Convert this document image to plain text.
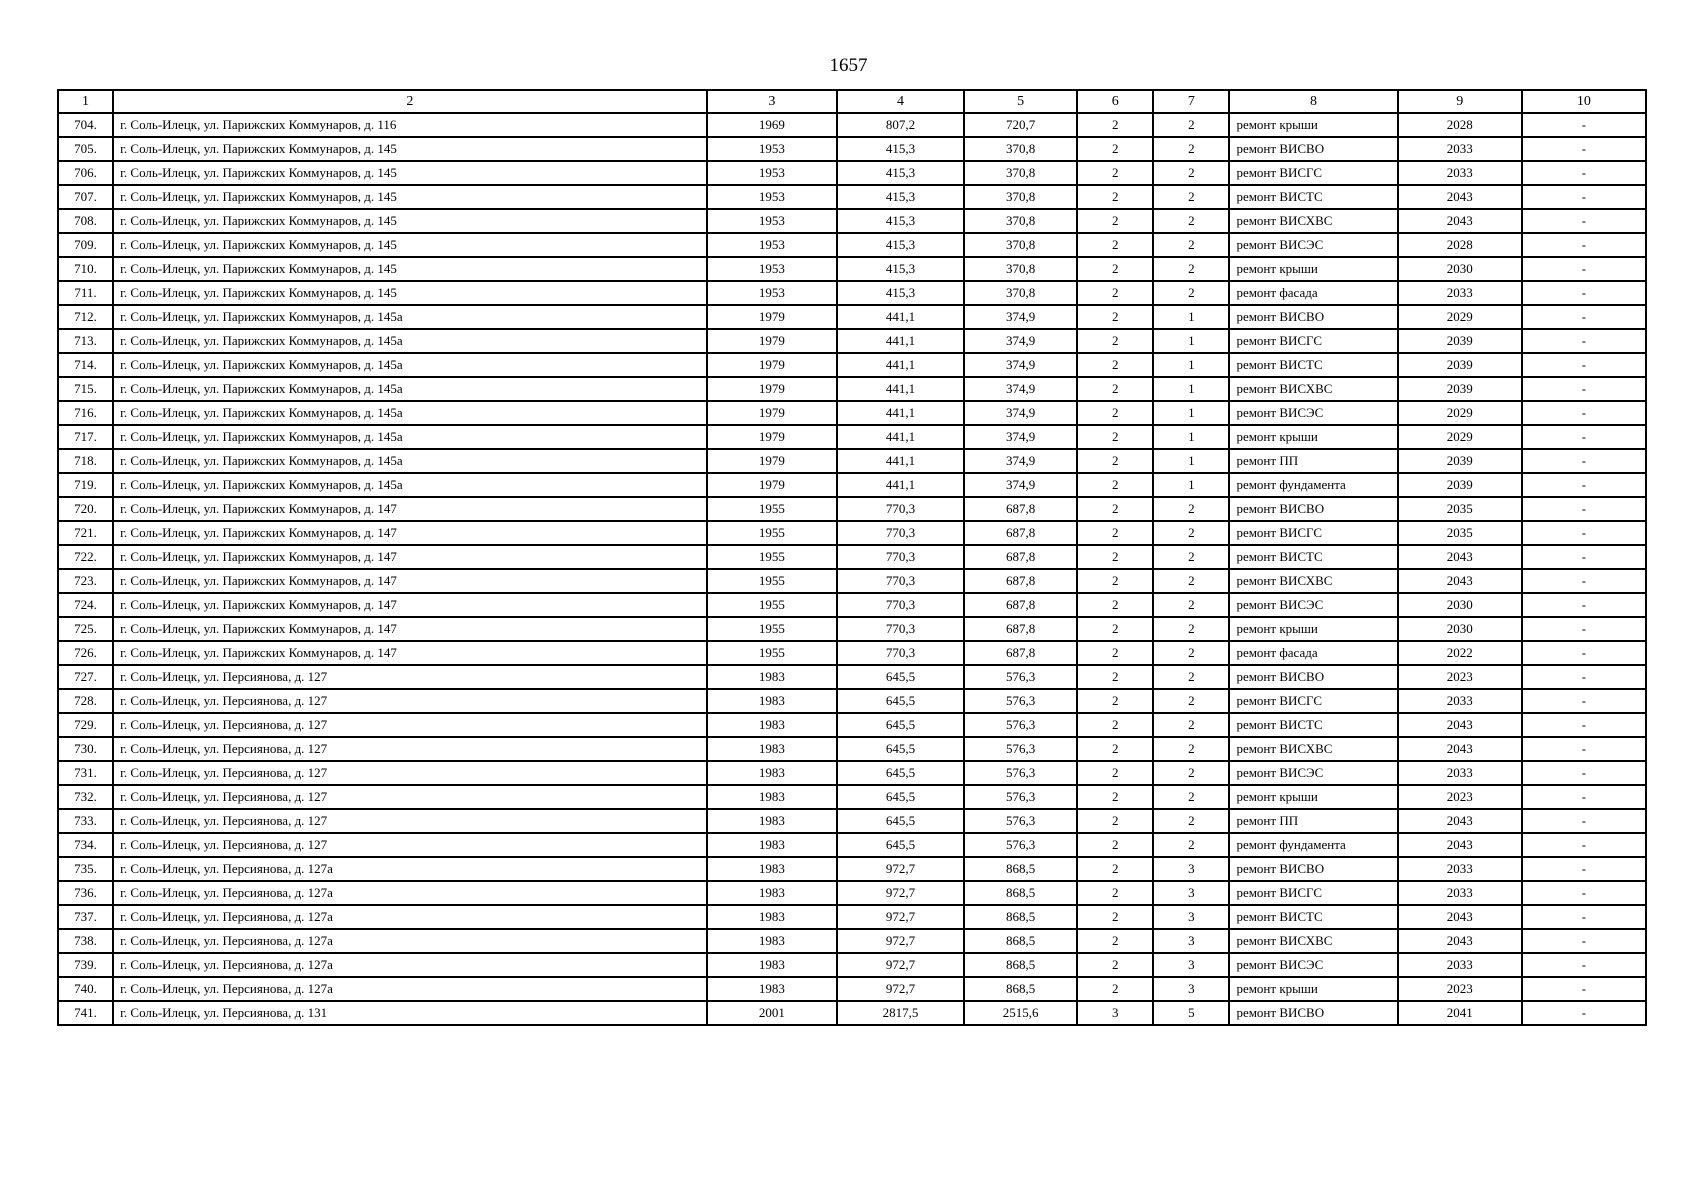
1657
1	2	3	4	5	6	7	8	9	10
704.	г. Соль-Илецк, ул. Парижских Коммунаров, д. 116	1969	807,2	720,7	2	2	ремонт крыши	2028	-
705.	г. Соль-Илецк, ул. Парижских Коммунаров, д. 145	1953	415,3	370,8	2	2	ремонт ВИСВО	2033	-
706.	г. Соль-Илецк, ул. Парижских Коммунаров, д. 145	1953	415,3	370,8	2	2	ремонт ВИСГС	2033	-
707.	г. Соль-Илецк, ул. Парижских Коммунаров, д. 145	1953	415,3	370,8	2	2	ремонт ВИСТС	2043	-
708.	г. Соль-Илецк, ул. Парижских Коммунаров, д. 145	1953	415,3	370,8	2	2	ремонт ВИСХВС	2043	-
709.	г. Соль-Илецк, ул. Парижских Коммунаров, д. 145	1953	415,3	370,8	2	2	ремонт ВИСЭС	2028	-
710.	г. Соль-Илецк, ул. Парижских Коммунаров, д. 145	1953	415,3	370,8	2	2	ремонт крыши	2030	-
711.	г. Соль-Илецк, ул. Парижских Коммунаров, д. 145	1953	415,3	370,8	2	2	ремонт фасада	2033	-
712.	г. Соль-Илецк, ул. Парижских Коммунаров, д. 145а	1979	441,1	374,9	2	1	ремонт ВИСВО	2029	-
713.	г. Соль-Илецк, ул. Парижских Коммунаров, д. 145а	1979	441,1	374,9	2	1	ремонт ВИСГС	2039	-
714.	г. Соль-Илецк, ул. Парижских Коммунаров, д. 145а	1979	441,1	374,9	2	1	ремонт ВИСТС	2039	-
715.	г. Соль-Илецк, ул. Парижских Коммунаров, д. 145а	1979	441,1	374,9	2	1	ремонт ВИСХВС	2039	-
716.	г. Соль-Илецк, ул. Парижских Коммунаров, д. 145а	1979	441,1	374,9	2	1	ремонт ВИСЭС	2029	-
717.	г. Соль-Илецк, ул. Парижских Коммунаров, д. 145а	1979	441,1	374,9	2	1	ремонт крыши	2029	-
718.	г. Соль-Илецк, ул. Парижских Коммунаров, д. 145а	1979	441,1	374,9	2	1	ремонт ПП	2039	-
719.	г. Соль-Илецк, ул. Парижских Коммунаров, д. 145а	1979	441,1	374,9	2	1	ремонт фундамента	2039	-
720.	г. Соль-Илецк, ул. Парижских Коммунаров, д. 147	1955	770,3	687,8	2	2	ремонт ВИСВО	2035	-
721.	г. Соль-Илецк, ул. Парижских Коммунаров, д. 147	1955	770,3	687,8	2	2	ремонт ВИСГС	2035	-
722.	г. Соль-Илецк, ул. Парижских Коммунаров, д. 147	1955	770,3	687,8	2	2	ремонт ВИСТС	2043	-
723.	г. Соль-Илецк, ул. Парижских Коммунаров, д. 147	1955	770,3	687,8	2	2	ремонт ВИСХВС	2043	-
724.	г. Соль-Илецк, ул. Парижских Коммунаров, д. 147	1955	770,3	687,8	2	2	ремонт ВИСЭС	2030	-
725.	г. Соль-Илецк, ул. Парижских Коммунаров, д. 147	1955	770,3	687,8	2	2	ремонт крыши	2030	-
726.	г. Соль-Илецк, ул. Парижских Коммунаров, д. 147	1955	770,3	687,8	2	2	ремонт фасада	2022	-
727.	г. Соль-Илецк, ул. Персиянова, д. 127	1983	645,5	576,3	2	2	ремонт ВИСВО	2023	-
728.	г. Соль-Илецк, ул. Персиянова, д. 127	1983	645,5	576,3	2	2	ремонт ВИСГС	2033	-
729.	г. Соль-Илецк, ул. Персиянова, д. 127	1983	645,5	576,3	2	2	ремонт ВИСТС	2043	-
730.	г. Соль-Илецк, ул. Персиянова, д. 127	1983	645,5	576,3	2	2	ремонт ВИСХВС	2043	-
731.	г. Соль-Илецк, ул. Персиянова, д. 127	1983	645,5	576,3	2	2	ремонт ВИСЭС	2033	-
732.	г. Соль-Илецк, ул. Персиянова, д. 127	1983	645,5	576,3	2	2	ремонт крыши	2023	-
733.	г. Соль-Илецк, ул. Персиянова, д. 127	1983	645,5	576,3	2	2	ремонт ПП	2043	-
734.	г. Соль-Илецк, ул. Персиянова, д. 127	1983	645,5	576,3	2	2	ремонт фундамента	2043	-
735.	г. Соль-Илецк, ул. Персиянова, д. 127а	1983	972,7	868,5	2	3	ремонт ВИСВО	2033	-
736.	г. Соль-Илецк, ул. Персиянова, д. 127а	1983	972,7	868,5	2	3	ремонт ВИСГС	2033	-
737.	г. Соль-Илецк, ул. Персиянова, д. 127а	1983	972,7	868,5	2	3	ремонт ВИСТС	2043	-
738.	г. Соль-Илецк, ул. Персиянова, д. 127а	1983	972,7	868,5	2	3	ремонт ВИСХВС	2043	-
739.	г. Соль-Илецк, ул. Персиянова, д. 127а	1983	972,7	868,5	2	3	ремонт ВИСЭС	2033	-
740.	г. Соль-Илецк, ул. Персиянова, д. 127а	1983	972,7	868,5	2	3	ремонт крыши	2023	-
741.	г. Соль-Илецк, ул. Персиянова, д. 131	2001	2817,5	2515,6	3	5	ремонт ВИСВО	2041	-
